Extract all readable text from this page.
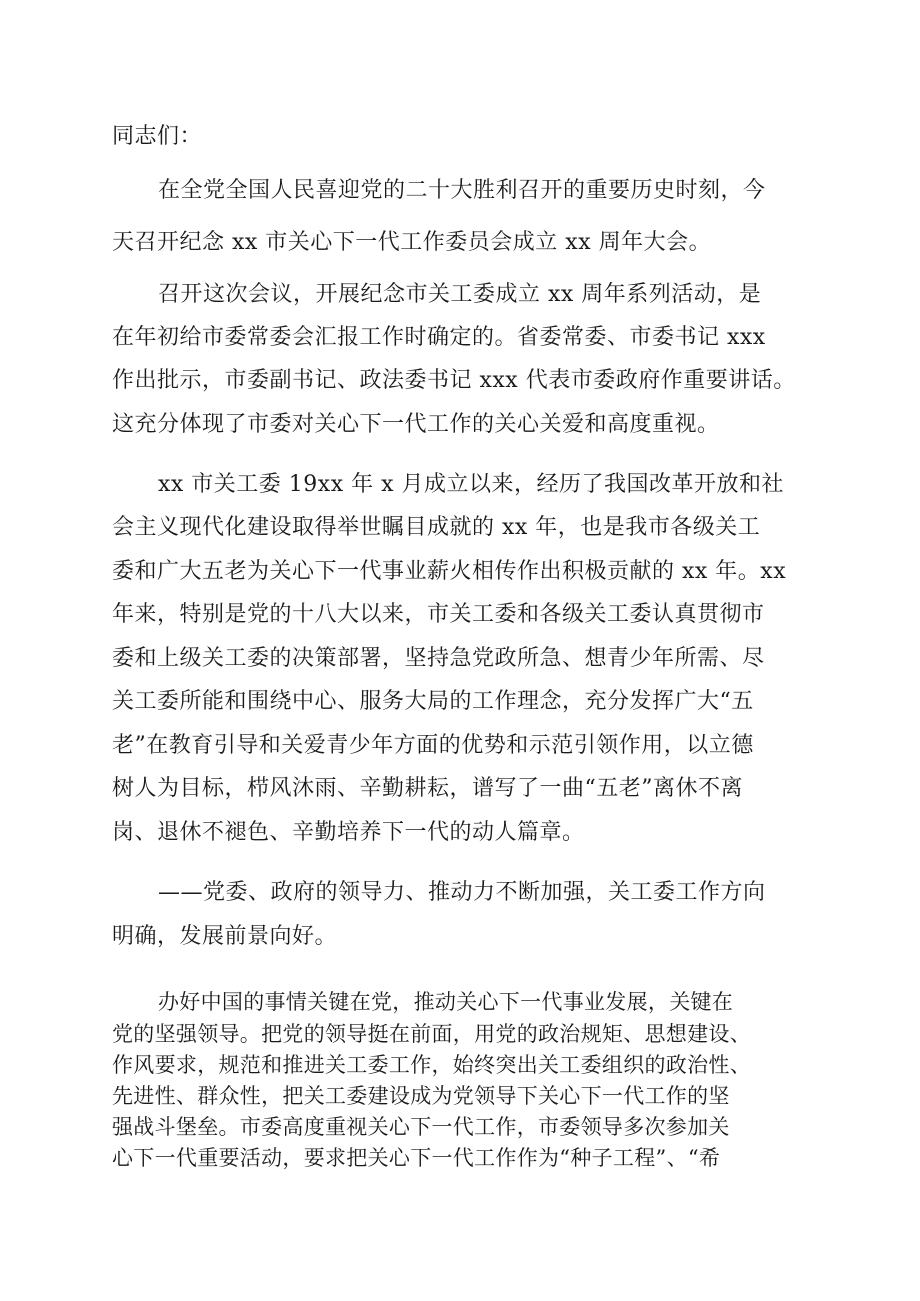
同志们：
在全党全国人民喜迎党的二十大胜利召开的重要历史时刻，今
天召开纪念 xx 市关心下一代工作委员会成立 xx 周年大会。
召开这次会议，开展纪念市关工委成立 xx 周年系列活动，是
在年初给市委常委会汇报工作时确定的。省委常委、市委书记 xxx
作出批示，市委副书记、政法委书记 xxx 代表市委政府作重要讲话。
这充分体现了市委对关心下一代工作的关心关爱和高度重视。
xx 市关工委 19xx 年 x 月成立以来，经历了我国改革开放和社
会主义现代化建设取得举世瞩目成就的 xx 年，也是我市各级关工
委和广大五老为关心下一代事业薪火相传作出积极贡献的 xx 年。xx
年来，特别是党的十八大以来，市关工委和各级关工委认真贯彻市
委和上级关工委的决策部署，坚持急党政所急、想青少年所需、尽
关工委所能和围绕中心、服务大局的工作理念，充分发挥广大“五
老”在教育引导和关爱青少年方面的优势和示范引领作用，以立德
树人为目标，栉风沐雨、辛勤耕耘，谱写了一曲“五老”离休不离
岗、退休不褪色、辛勤培养下一代的动人篇章。
——党委、政府的领导力、推动力不断加强，关工委工作方向
明确，发展前景向好。
办好中国的事情关键在党，推动关心下一代事业发展，关键在
党的坚强领导。把党的领导挺在前面，用党的政治规矩、思想建设、
作风要求，规范和推进关工委工作，始终突出关工委组织的政治性、
先进性、群众性，把关工委建设成为党领导下关心下一代工作的坚
强战斗堡垒。市委高度重视关心下一代工作，市委领导多次参加关
心下一代重要活动，要求把关心下一代工作作为“种子工程”、“希
